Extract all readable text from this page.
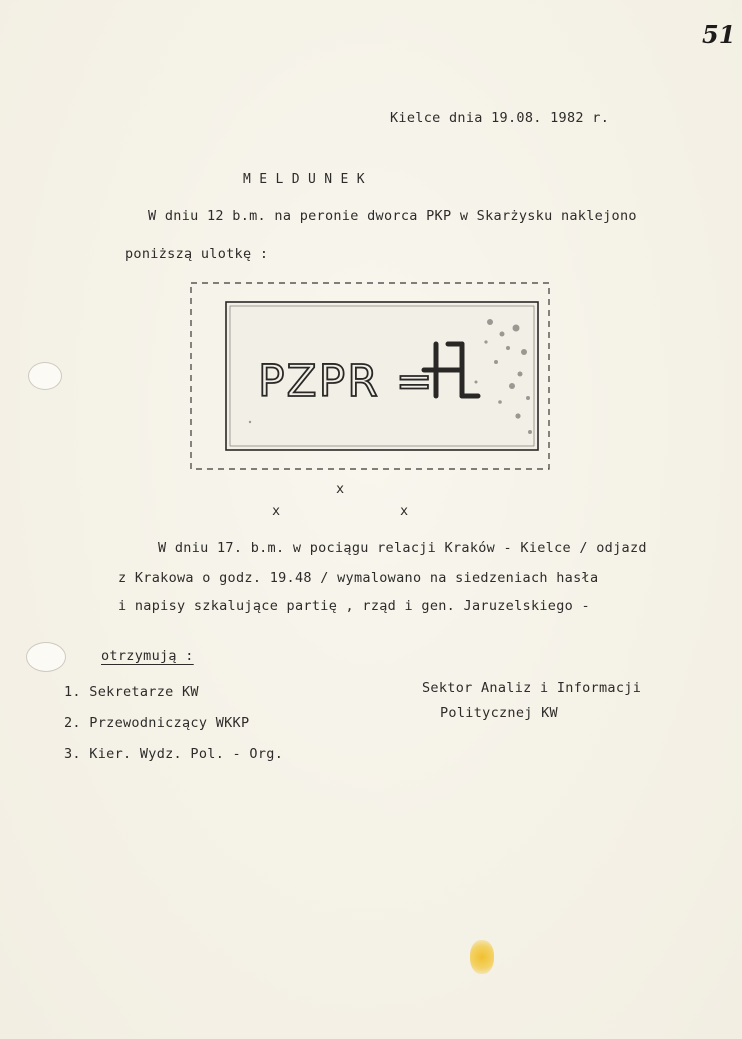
51
Kielce dnia 19.08. 1982 r.
M E L D U N E K
W dniu 12 b.m. na peronie dworca PKP w Skarżysku naklejono
poniższą ulotkę :
PZPR =
x
x	x
W dniu 17. b.m. w pociągu relacji Kraków - Kielce / odjazd
z Krakowa o godz. 19.48 / wymalowano na siedzeniach hasła
i napisy szkalujące partię , rząd i gen. Jaruzelskiego -
otrzymują :
1. Sekretarze KW
2. Przewodniczący WKKP
3. Kier. Wydz. Pol. - Org.
Sektor Analiz i Informacji
Politycznej KW
